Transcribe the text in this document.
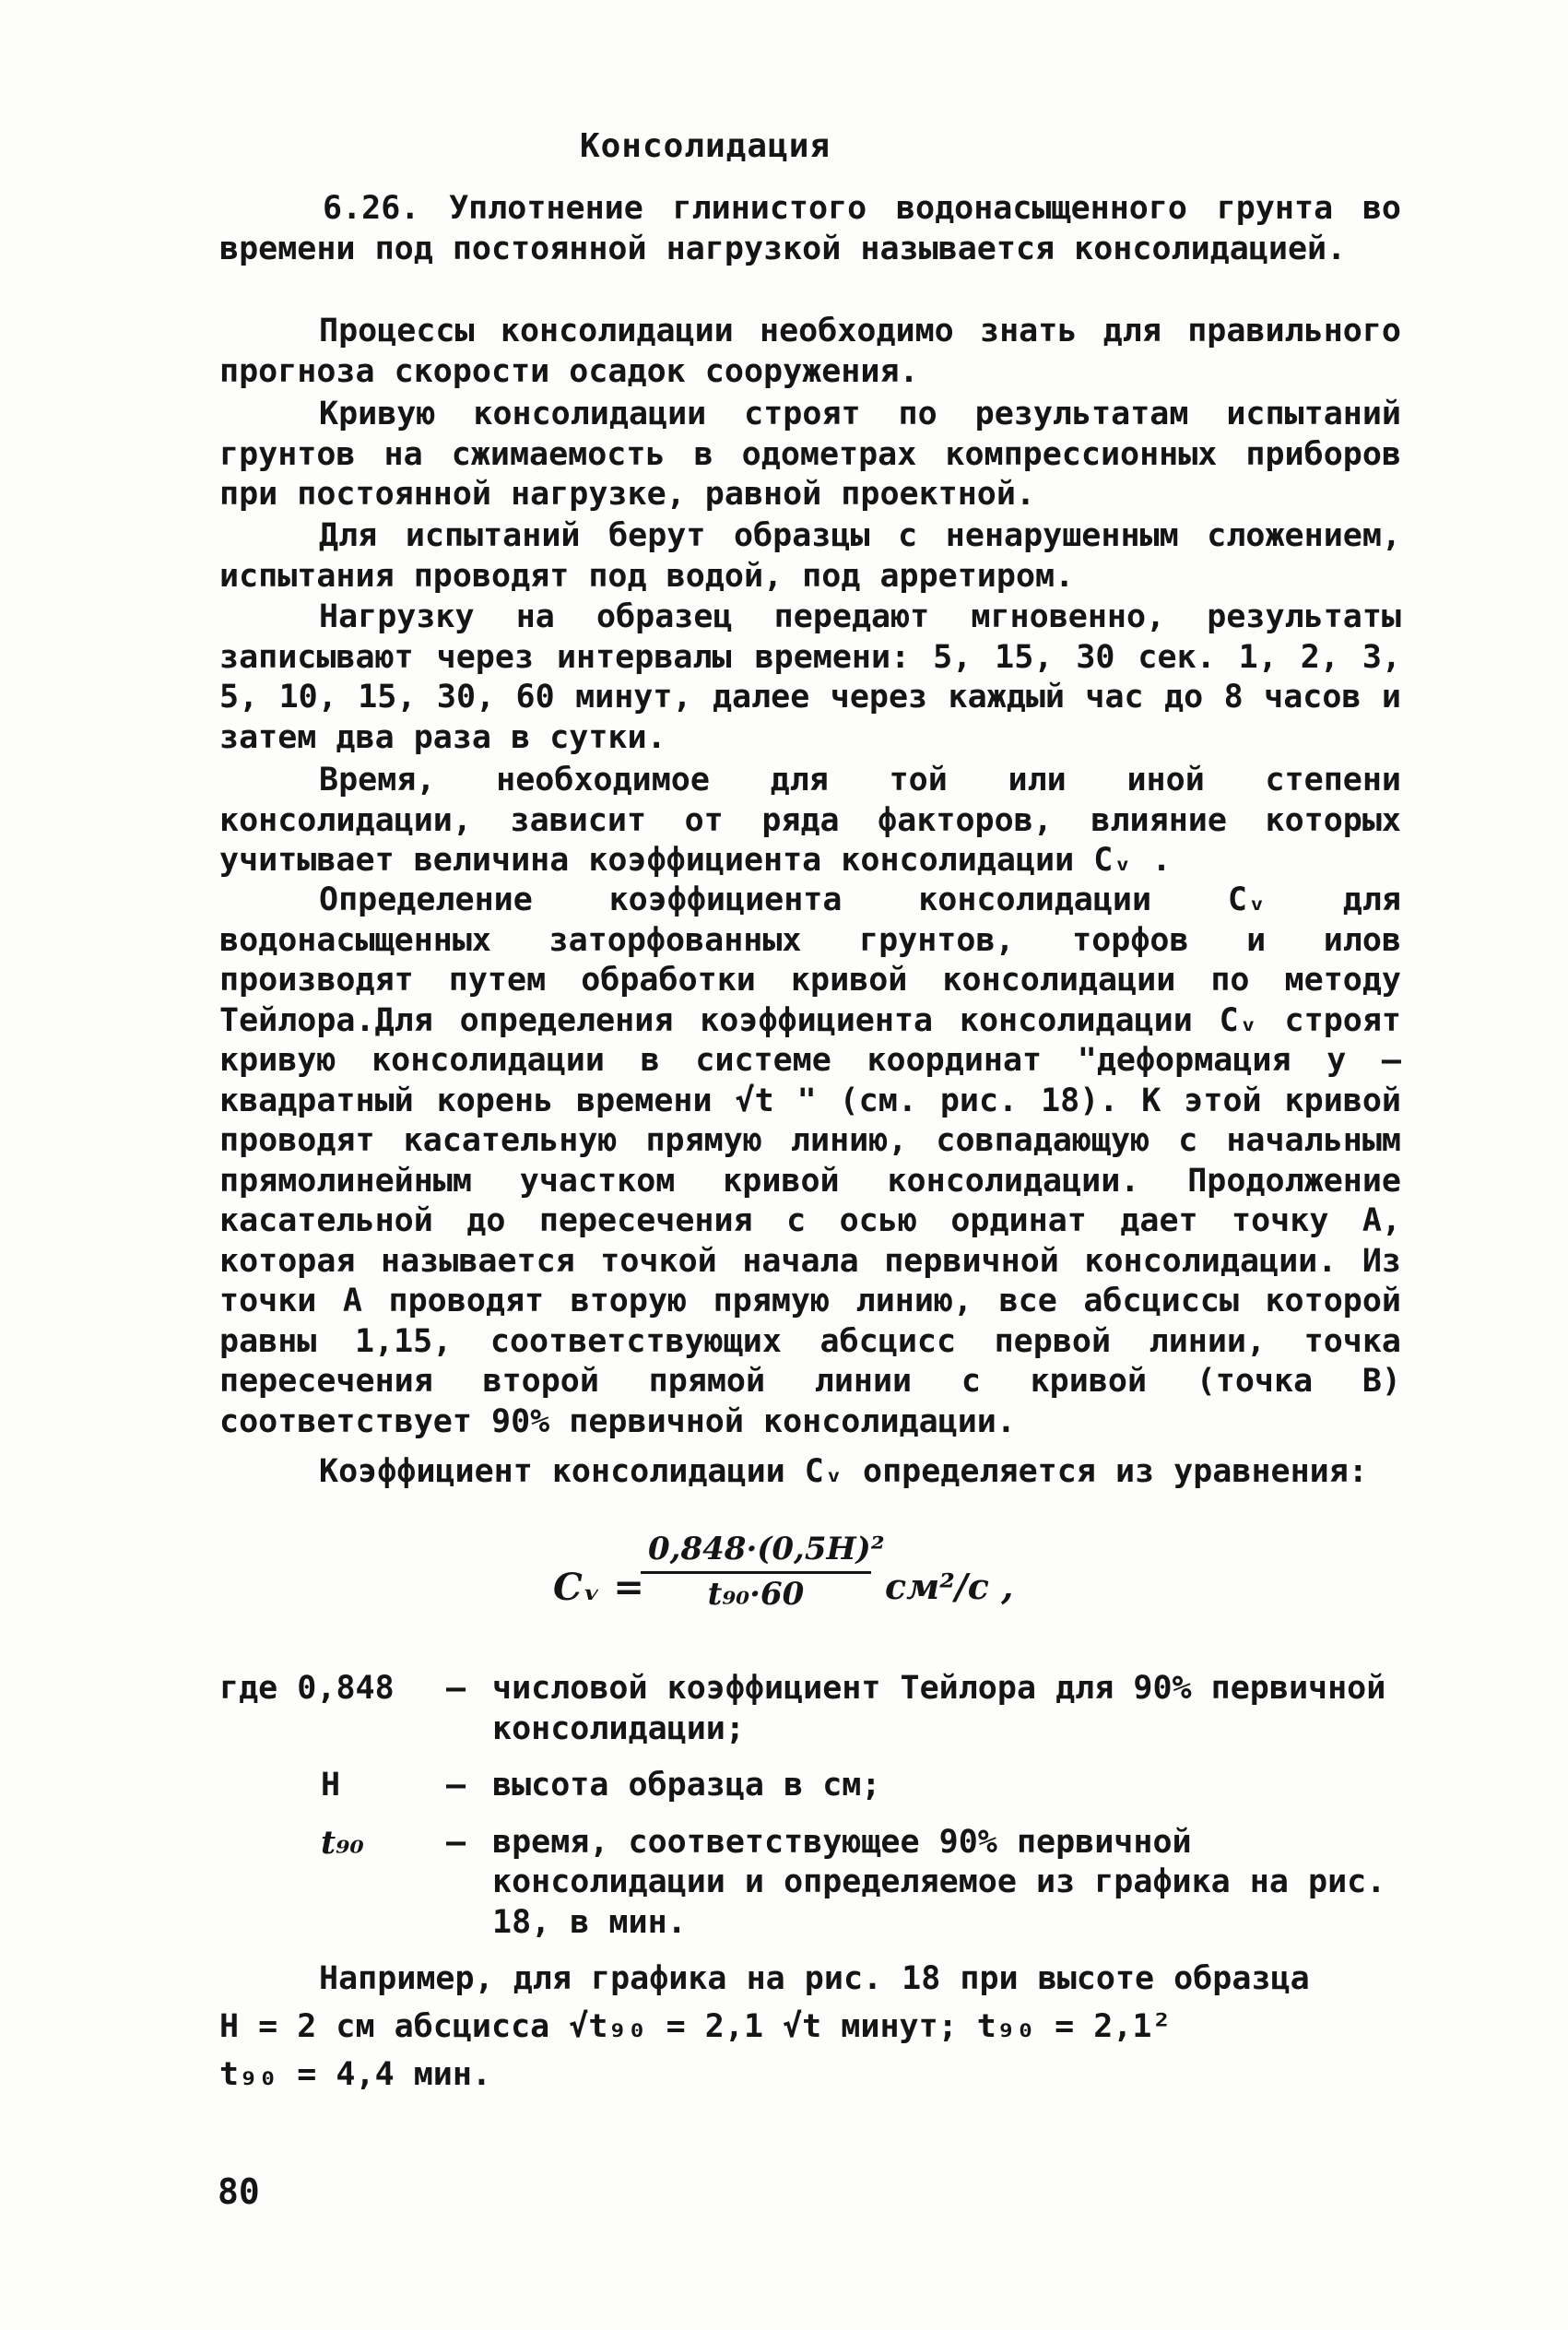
Консолидация

6.26. Уплотнение глинистого водонасыщенного грунта во времени под постоянной нагрузкой называется консолидацией.

Процессы консолидации необходимо знать для правильного прогноза скорости осадок сооружения.

Кривую консолидации строят по результатам испытаний грунтов на сжимаемость в одометрах компрессионных приборов при постоянной нагрузке, равной проектной.

Для испытаний берут образцы с ненарушенным сложением, испытания проводят под водой, под арретиром.

Нагрузку на образец передают мгновенно, результаты записывают через интервалы времени: 5, 15, 30 сек. 1, 2, 3, 5, 10, 15, 30, 60 минут, далее через каждый час до 8 часов и затем два раза в сутки.

Время, необходимое для той или иной степени консолидации, зависит от ряда факторов, влияние которых учитывает величина коэффициента консолидации Cᵥ .

Определение коэффициента консолидации Cᵥ для водонасыщенных заторфованных грунтов, торфов и илов производят путем обработки кривой консолидации по методу Тейлора.Для определения коэффициента консолидации Cᵥ строят кривую консолидации в системе координат "деформация y – квадратный корень времени √t " (см. рис. 18). К этой кривой проводят касательную прямую линию, совпадающую с начальным прямолинейным участком кривой консолидации. Продолжение касательной до пересечения с осью ординат дает точку А, которая называется точкой начала первичной консолидации. Из точки А проводят вторую прямую линию, все абсциссы которой равны 1,15, соответствующих абсцисс первой линии, точка пересечения второй прямой линии с кривой (точка В) соответствует 90% первичной консолидации.

Коэффициент консолидации Cᵥ определяется из уравнения:

Cᵥ =
$\frac{\text{0,848·(0,5H)²}}{\text{t₉₀·60}} см^2/с$ ,
где 0,848	– числовой коэффициент Тейлора для 90% первичной консолидации;
H	– высота образца в см;
t₉₀	– время, соответствующее 90% первичной консолидации и определяемое из графика на рис. 18, в мин.
Например, для графика на рис. 18 при высоте образца
H = 2 см абсцисса √t₉₀ = 2,1 √t минут; t₉₀ = 2,1²
t₉₀ = 4,4 мин.
80
